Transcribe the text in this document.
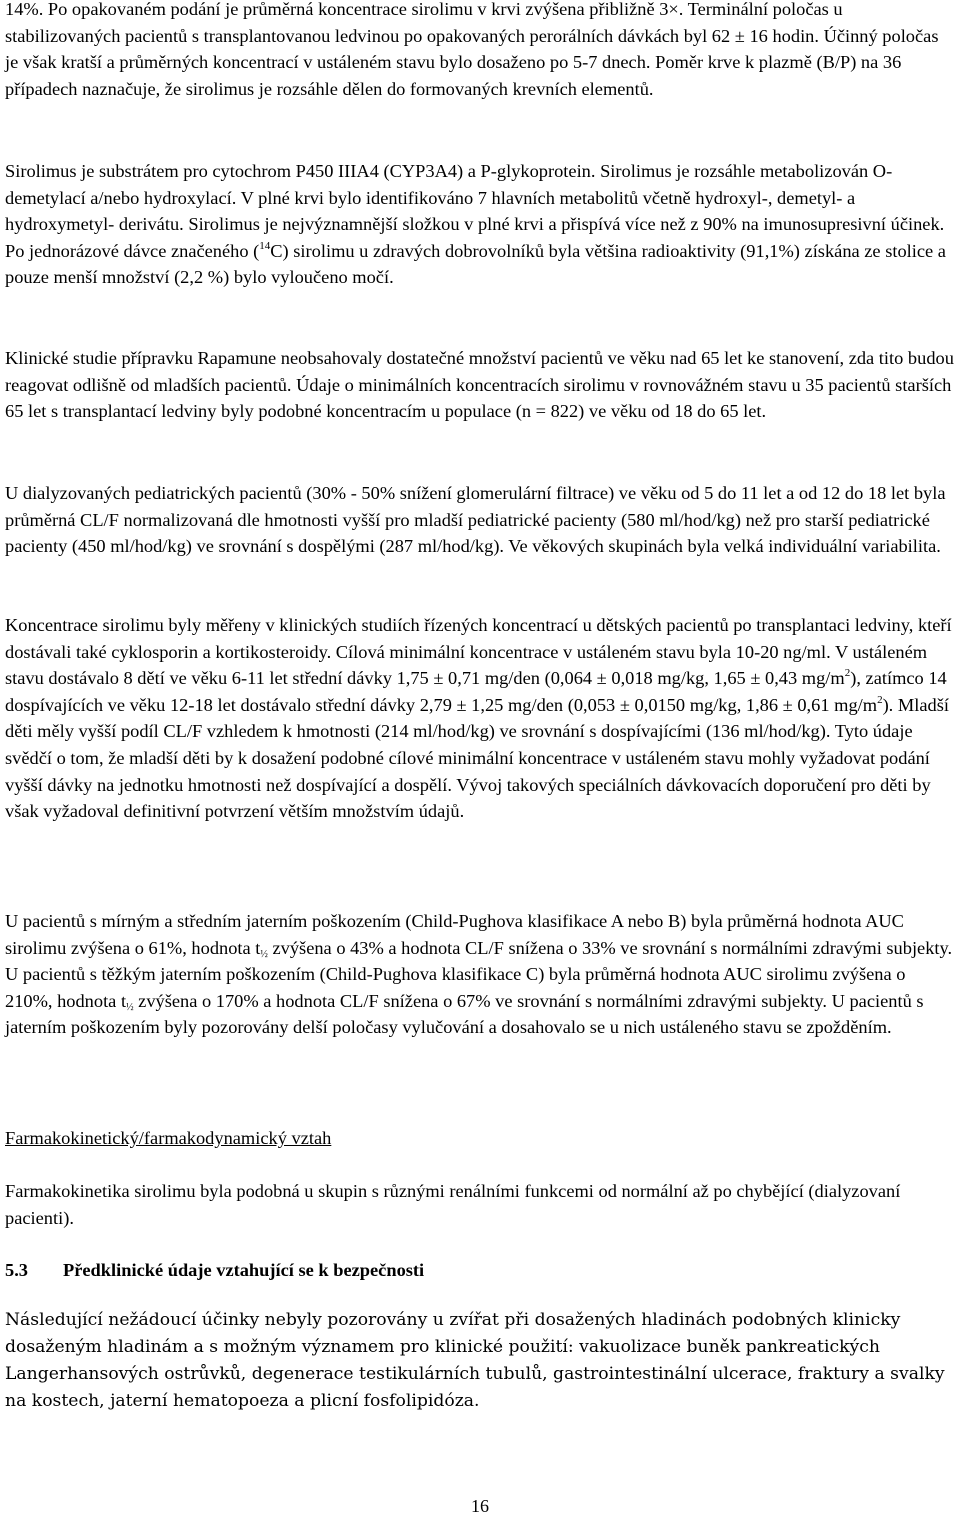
14%. Po opakovaném podání je průměrná koncentrace sirolimu v krvi zvýšena přibližně 3×. Terminální poločas u stabilizovaných pacientů s transplantovanou ledvinou po opakovaných perorálních dávkách byl 62 ± 16 hodin. Účinný poločas je však kratší a průměrných koncentrací v ustáleném stavu bylo dosaženo po 5-7 dnech. Poměr krve k plazmě (B/P) na 36 případech naznačuje, že sirolimus je rozsáhle dělen do formovaných krevních elementů.

Sirolimus je substrátem pro cytochrom P450 IIIA4 (CYP3A4) a P-glykoprotein. Sirolimus je rozsáhle metabolizován O-demetylací a/nebo hydroxylací. V plné krvi bylo identifikováno 7 hlavních metabolitů včetně hydroxyl-, demetyl- a hydroxymetyl- derivátu. Sirolimus je nejvýznamnější složkou v plné krvi a přispívá více než z 90% na imunosupresivní účinek. Po jednorázové dávce značeného ($^{14}$C) sirolimu u zdravých dobrovolníků byla většina radioaktivity (91,1%) získána ze stolice a pouze menší množství (2,2 %) bylo vyloučeno močí.

Klinické studie přípravku Rapamune neobsahovaly dostatečné množství pacientů ve věku nad 65 let ke stanovení, zda tito budou reagovat odlišně od mladších pacientů. Údaje o minimálních koncentracích sirolimu v rovnovážném stavu u 35 pacientů starších 65 let s transplantací ledviny byly podobné koncentracím u populace (n = 822) ve věku od 18 do 65 let.

U dialyzovaných pediatrických pacientů (30% - 50% snížení glomerulární filtrace) ve věku od 5 do 11 let a od 12 do 18 let byla průměrná CL/F normalizovaná dle hmotnosti vyšší pro mladší pediatrické pacienty (580 ml/hod/kg) než pro starší pediatrické pacienty (450 ml/hod/kg) ve srovnání s dospělými (287 ml/hod/kg). Ve věkových skupinách byla velká individuální variabilita.

Koncentrace sirolimu byly měřeny v klinických studiích řízených koncentrací u dětských pacientů po transplantaci ledviny, kteří dostávali také cyklosporin a kortikosteroidy. Cílová minimální koncentrace v ustáleném stavu byla 10-20 ng/ml. V ustáleném stavu dostávalo 8 dětí ve věku 6-11 let střední dávky 1,75 ± 0,71 mg/den (0,064 ± 0,018 mg/kg, 1,65 ± 0,43 $mg/m^2$), zatímco 14 dospívajících ve věku 12-18 let dostávalo střední dávky 2,79 ± 1,25 mg/den (0,053 ± 0,0150 mg/kg, 1,86 ± 0,61 $mg/m^2$). Mladší děti měly vyšší podíl CL/F vzhledem k hmotnosti (214 ml/hod/kg) ve srovnání s dospívajícími (136 ml/hod/kg). Tyto údaje svědčí o tom, že mladší děti by k dosažení podobné cílové minimální koncentrace v ustáleném stavu mohly vyžadovat podání vyšší dávky na jednotku hmotnosti než dospívající a dospělí. Vývoj takových speciálních dávkovacích doporučení pro děti by však vyžadoval definitivní potvrzení větším množstvím údajů.

U pacientů s mírným a středním jaterním poškozením (Child-Pughova klasifikace A nebo B) byla průměrná hodnota AUC sirolimu zvýšena o 61%, hodnota $t_{\frac{1}{2}}$ zvýšena o 43% a hodnota CL/F snížena o 33% ve srovnání s normálními zdravými subjekty. U pacientů s těžkým jaterním poškozením (Child-Pughova klasifikace C) byla průměrná hodnota AUC sirolimu zvýšena o 210%, hodnota $t_{\frac{1}{2}}$ zvýšena o 170% a hodnota CL/F snížena o 67% ve srovnání s normálními zdravými subjekty. U pacientů s jaterním poškozením byly pozorovány delší poločasy vylučování a dosahovalo se u nich ustáleného stavu se zpožděním.

Farmakokinetický/farmakodynamický vztah

Farmakokinetika sirolimu byla podobná u skupin s různými renálními funkcemi od normální až po chybějící (dialyzovaní pacienti).

5.3 Předklinické údaje vztahující se k bezpečnosti

Následující nežádoucí účinky nebyly pozorovány u zvířat při dosažených hladinách podobných klinicky dosaženým hladinám a s možným významem pro klinické použití: vakuolizace buněk pankreatických Langerhansových ostrůvků, degenerace testikulárních tubulů, gastrointestinální ulcerace, fraktury a svalky na kostech, jaterní hematopoeza a plicní fosfolipidóza.

16
